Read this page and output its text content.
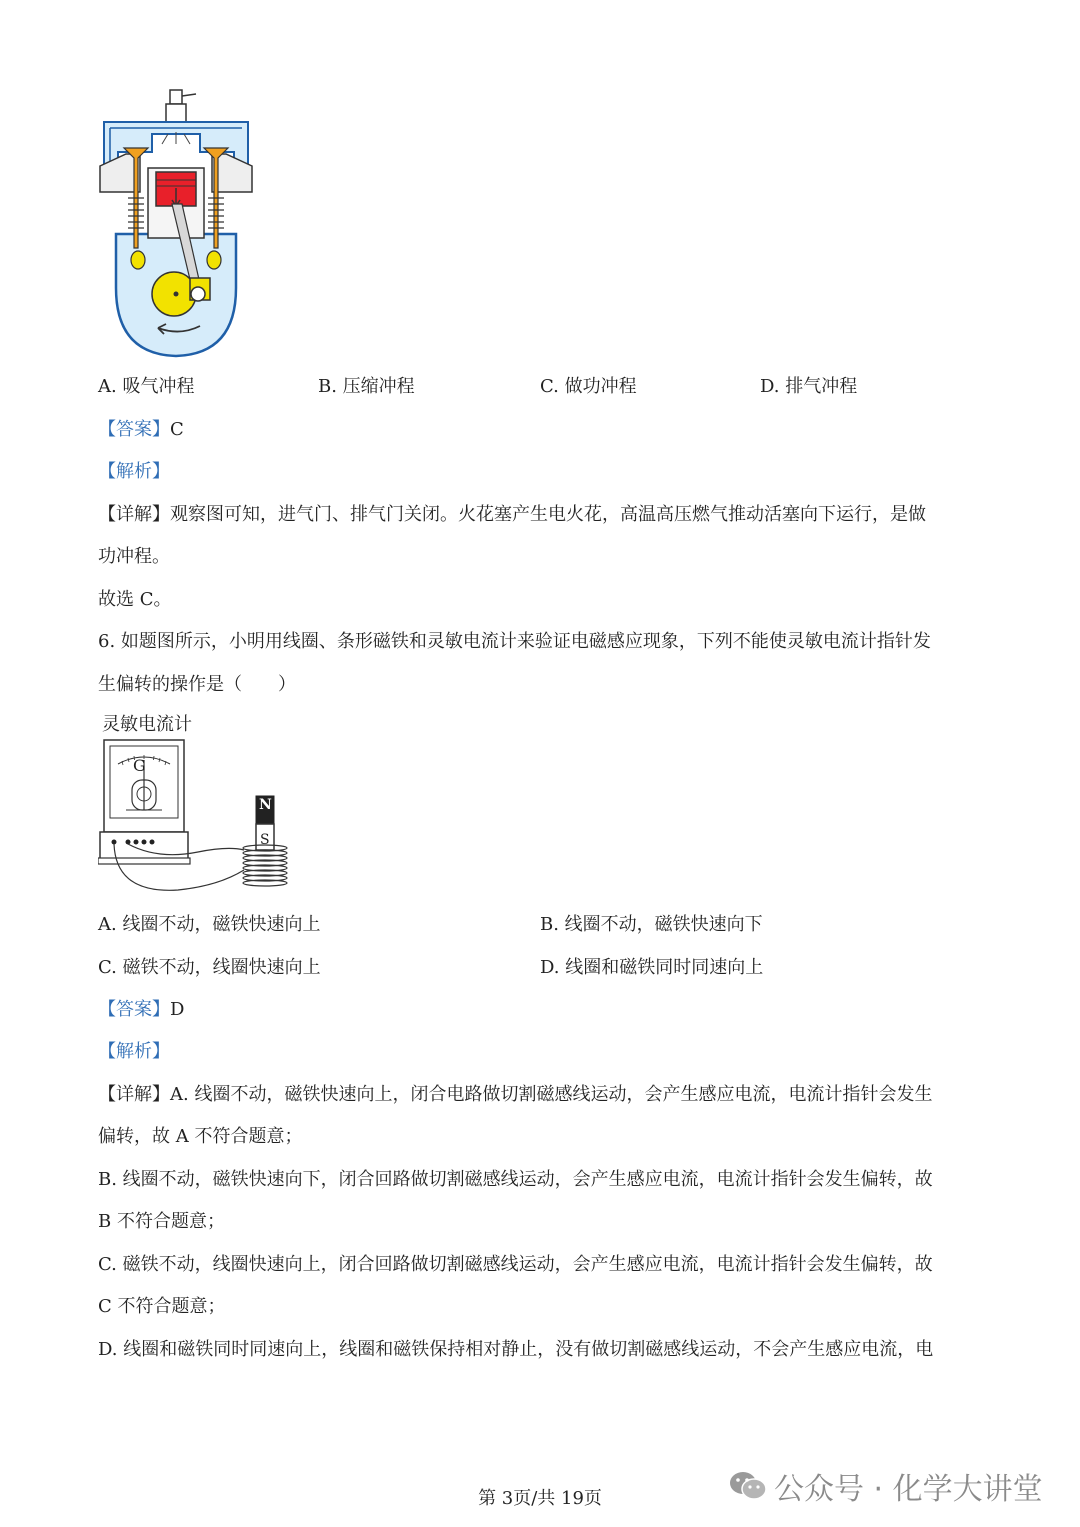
A. 吸气冲程	B. 压缩冲程	C. 做功冲程	D. 排气冲程
【答案】C
【解析】
【详解】观察图可知，进气门、排气门关闭。火花塞产生电火花，高温高压燃气推动活塞向下运行，是做
功冲程。
故选 C。
6. 如题图所示，小明用线圈、条形磁铁和灵敏电流计来验证电磁感应现象，下列不能使灵敏电流计指针发
生偏转的操作是（　　）
灵敏电流计
G
N
S
A. 线圈不动，磁铁快速向上	B. 线圈不动，磁铁快速向下
C. 磁铁不动，线圈快速向上	D. 线圈和磁铁同时同速向上
【答案】D
【解析】
【详解】A. 线圈不动，磁铁快速向上，闭合电路做切割磁感线运动，会产生感应电流，电流计指针会发生
偏转，故 A 不符合题意；
B. 线圈不动，磁铁快速向下，闭合回路做切割磁感线运动，会产生感应电流，电流计指针会发生偏转，故
B 不符合题意；
C. 磁铁不动，线圈快速向上，闭合回路做切割磁感线运动，会产生感应电流，电流计指针会发生偏转，故
C 不符合题意；
D. 线圈和磁铁同时同速向上，线圈和磁铁保持相对静止，没有做切割磁感线运动，不会产生感应电流，电
第 3页/共 19页	公众号 · 化学大讲堂
